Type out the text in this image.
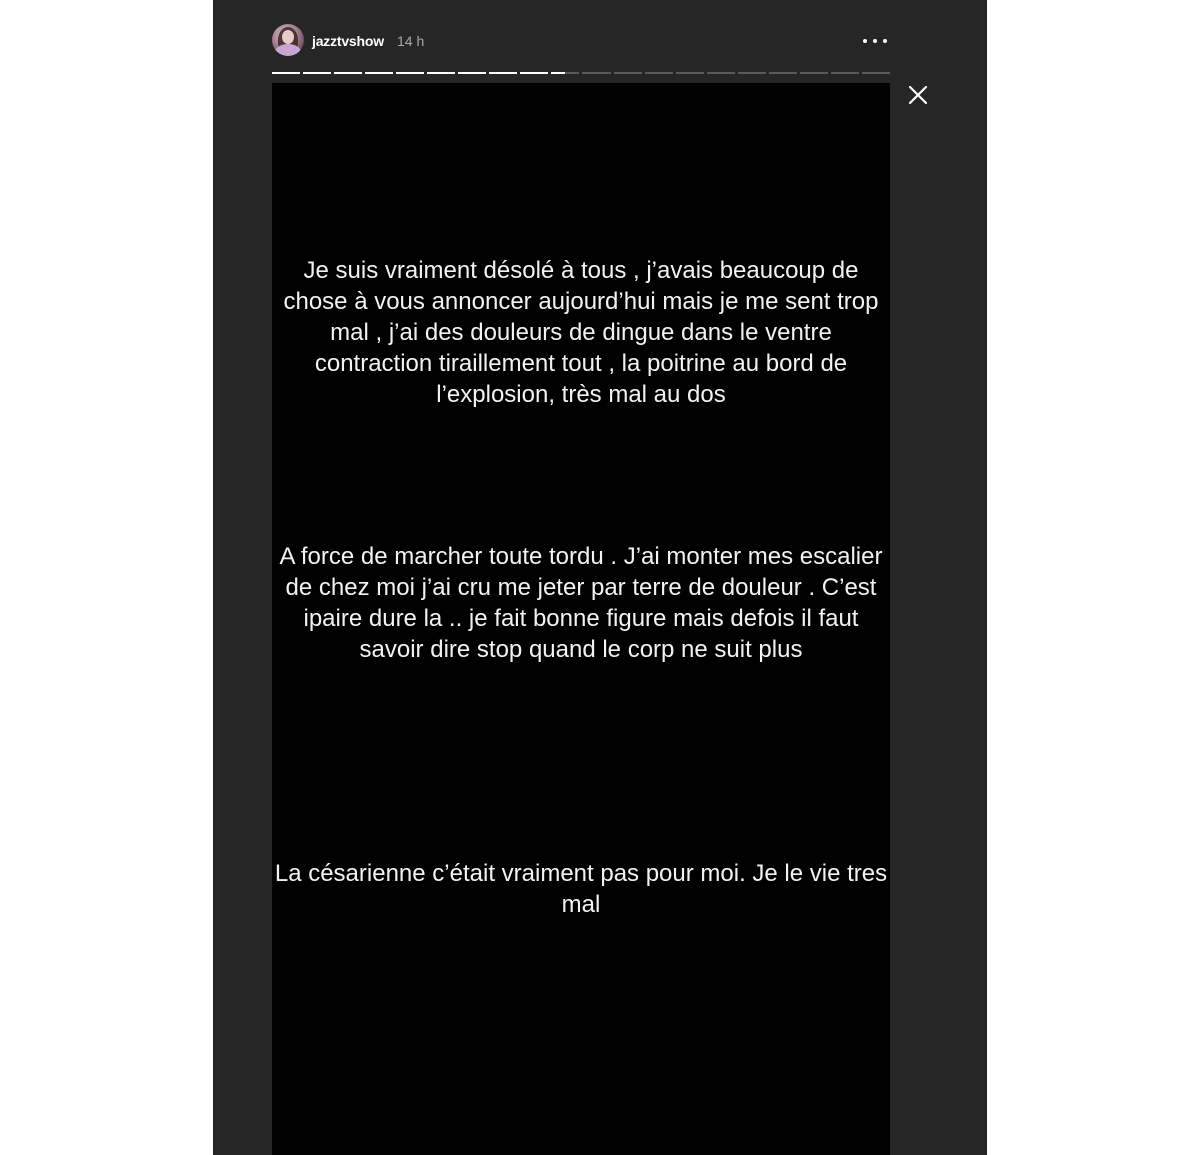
jazztvshow 14 h
Je suis vraiment désolé à tous , j’avais beaucoup de chose à vous annoncer aujourd’hui mais je me sent trop mal , j’ai des douleurs de dingue dans le ventre contraction tiraillement tout , la poitrine au bord de l’explosion, très mal au dos
A force de marcher toute tordu . J’ai monter mes escalier de chez moi j’ai cru me jeter par terre de douleur . C’est ipaire dure la .. je fait bonne figure mais defois il faut savoir dire stop quand le corp ne suit plus
La césarienne c’était vraiment pas pour moi. Je le vie tres mal
